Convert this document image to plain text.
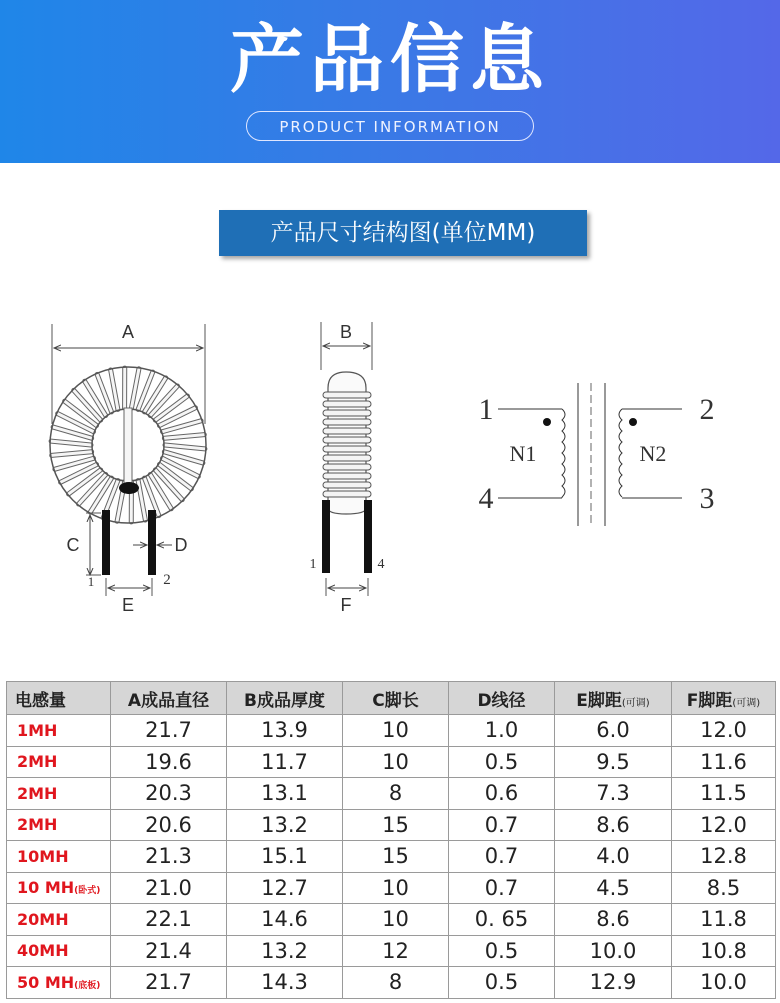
产品信息
PRODUCT INFORMATION
产品尺寸结构图(单位MM)
A
C	D
1	2
E
B
1	4
F
1
4
2
3
N1	N2
电感量	A成品直径	B成品厚度	C脚长	D线径	E脚距(可调)	F脚距(可调)
1MH	21.7	13.9	10	1.0	6.0	12.0
2MH	19.6	11.7	10	0.5	9.5	11.6
2MH	20.3	13.1	8	0.6	7.3	11.5
2MH	20.6	13.2	15	0.7	8.6	12.0
10MH	21.3	15.1	15	0.7	4.0	12.8
10 MH(卧式)	21.0	12.7	10	0.7	4.5	8.5
20MH	22.1	14.6	10	0. 65	8.6	11.8
40MH	21.4	13.2	12	0.5	10.0	10.8
50 MH(底板)	21.7	14.3	8	0.5	12.9	10.0
